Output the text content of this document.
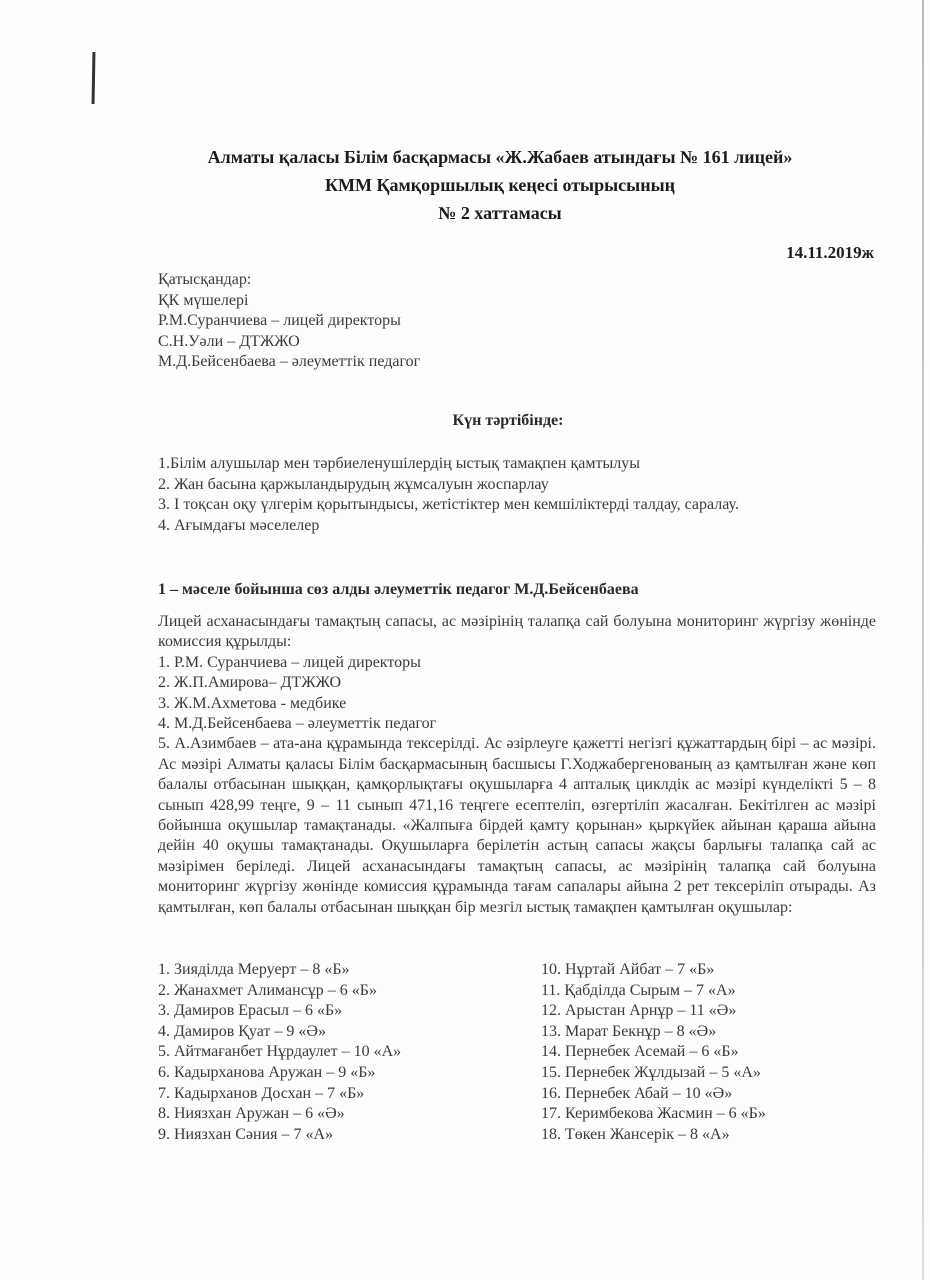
Алматы қаласы Білім басқармасы «Ж.Жабаев атындағы № 161 лицей»
КММ Қамқоршылық кеңесі отырысының
№ 2 хаттамасы
14.11.2019ж
Қатысқандар:
ҚК мүшелері
Р.М.Суранчиева – лицей директоры
С.Н.Уәли – ДТЖЖО
М.Д.Бейсенбаева – әлеуметтік педагог
Күн тәртібінде:
1.Білім алушылар мен тәрбиеленушілердің ыстық тамақпен қамтылуы
2. Жан басына қаржыландырудың жұмсалуын жоспарлау
3. І тоқсан оқу үлгерім қорытындысы, жетістіктер мен кемшіліктерді талдау, саралау.
4. Ағымдағы мәселелер
1 – мәселе бойынша сөз алды әлеуметтік педагог М.Д.Бейсенбаева
Лицей асханасындағы тамақтың сапасы, ас мәзірінің талапқа сай болуына мониторинг жүргізу жөнінде комиссия құрылды:
1. Р.М. Суранчиева – лицей директоры
2. Ж.П.Амирова– ДТЖЖО
3. Ж.М.Ахметова - медбике
4. М.Д.Бейсенбаева – әлеуметтік педагог
5. А.Азимбаев – ата-ана құрамында тексерілді. Ас әзірлеуге қажетті негізгі құжаттардың бірі – ас мәзірі. Ас мәзірі Алматы қаласы Білім басқармасының басшысы Г.Ходжабергенованың аз қамтылған және көп балалы отбасынан шыққан, қамқорлықтағы оқушыларға 4 апталық циклдік ас мәзірі күнделікті 5 – 8 сынып 428,99 теңге, 9 – 11 сынып 471,16 теңгеге есептеліп, өзгертіліп жасалған. Бекітілген ас мәзірі бойынша оқушылар тамақтанады. «Жалпыға бірдей қамту қорынан» қыркүйек айынан қараша айына дейін 40 оқушы тамақтанады. Оқушыларға берілетін астың сапасы жақсы барлығы талапқа сай ас мәзірімен беріледі. Лицей асханасындағы тамақтың сапасы, ас мәзірінің талапқа сай болуына мониторинг жүргізу жөнінде комиссия құрамында тағам сапалары айына 2 рет тексеріліп отырады. Аз қамтылған, көп балалы отбасынан шыққан бір мезгіл ыстық тамақпен қамтылған оқушылар:
1. Зиядiлда Меруерт – 8 «Б»
2. Жанахмет Алимансұр – 6 «Б»
3. Дамиров Ерасыл – 6 «Б»
4. Дамиров Қуат – 9 «Ә»
5. Айтмағанбет Нұрдаулет – 10 «А»
6. Кадырханова Аружан – 9 «Б»
7. Кадырханов Досхан – 7 «Б»
8. Ниязхан Аружан – 6 «Ә»
9. Ниязхан Сәния – 7 «А»
10. Нұртай Айбат – 7 «Б»
11. Қабділда Сырым – 7 «А»
12. Арыстан Арнұр – 11 «Ә»
13. Марат Бекнұр – 8 «Ә»
14. Пернебек Асемай – 6 «Б»
15. Пернебек Жұлдызай – 5 «А»
16. Пернебек Абай – 10 «Ә»
17. Керимбекова Жасмин – 6 «Б»
18. Төкен Жансерік – 8 «А»
